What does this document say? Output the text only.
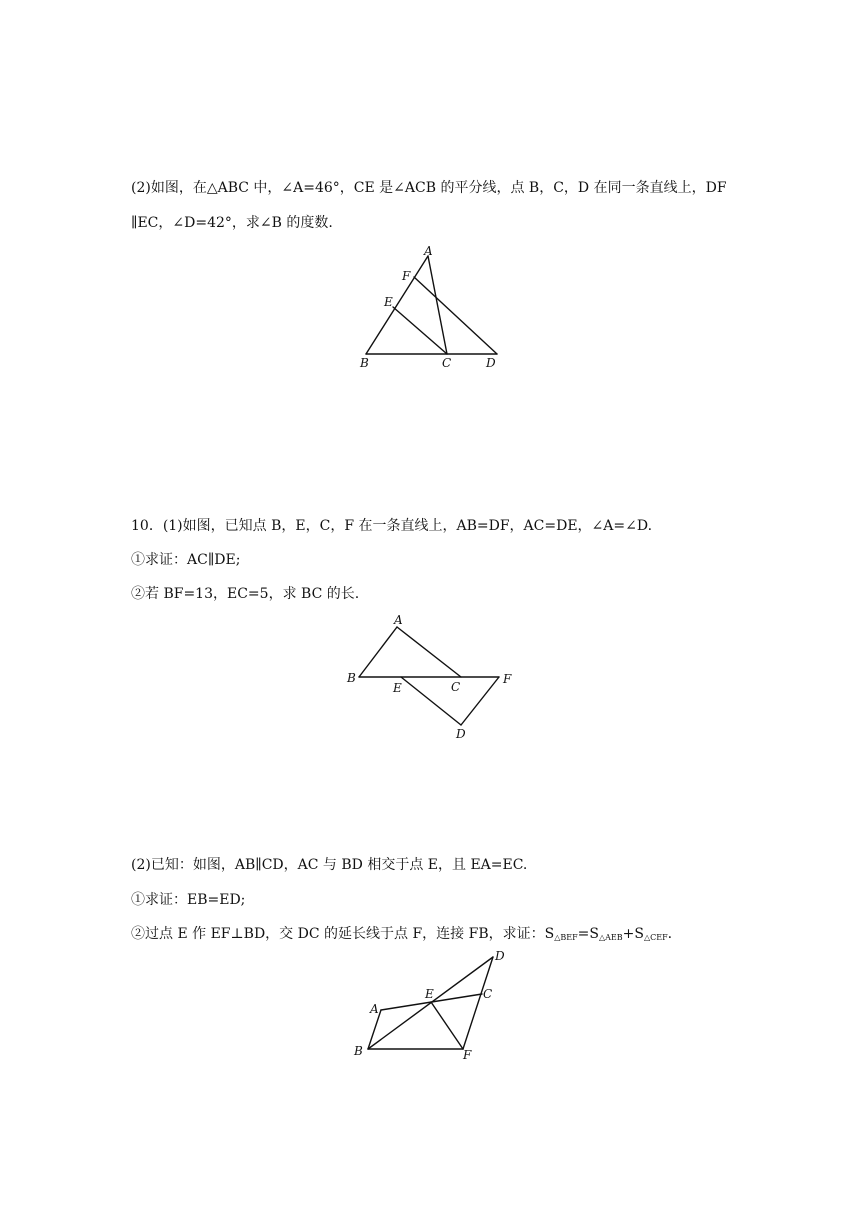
(2)如图，在△ABC 中，∠A=46°，CE 是∠ACB 的平分线，点 B，C，D 在同一条直线上，DF
∥EC，∠D=42°，求∠B 的度数.
A
F
E
B	C	D
10．(1)如图，已知点 B，E，C，F 在一条直线上，AB=DF，AC=DE，∠A=∠D.
①求证：AC∥DE;
②若 BF=13，EC=5，求 BC 的长.
A
B
E	C
F
D
(2)已知：如图，AB∥CD，AC 与 BD 相交于点 E，且 EA=EC.
①求证：EB=ED;
②过点 E 作 EF⊥BD，交 DC 的延长线于点 F，连接 FB，求证：$S_{\triangle BEF}=S_{\triangle AEB}+S_{\triangle CEF}$.
D
C
A
E
B	F
